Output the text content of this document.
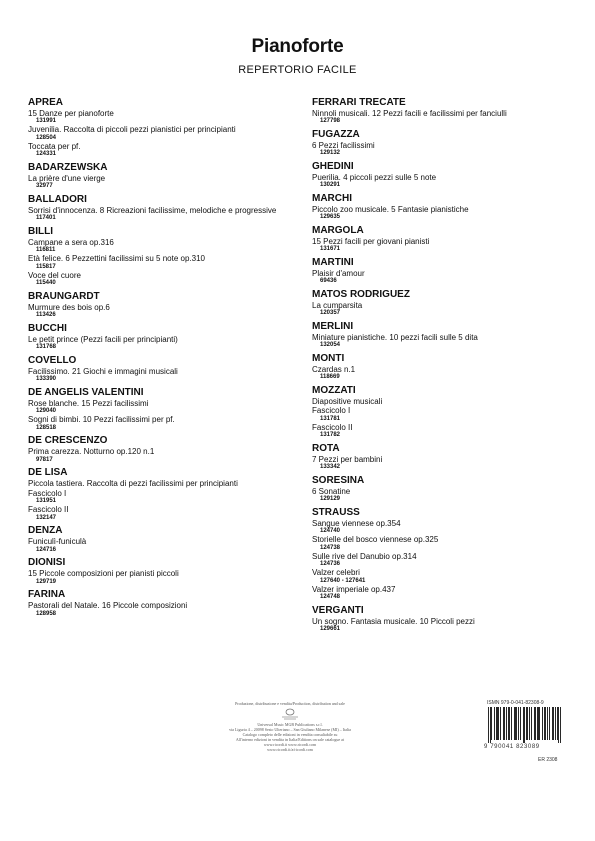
Pianoforte
REPERTORIO FACILE
APREA
15 Danze per pianoforte
131991
Juvenilia. Raccolta di piccoli pezzi pianistici per principianti
128504
Toccata per pf.
124331
BADARZEWSKA
La prière d'une vierge
32977
BALLADORI
Sorrisi d'innocenza. 8 Ricreazioni facilissime, melodiche e progressive
117401
BILLI
Campane a sera op.316
116811
Età felice. 6 Pezzettini facilissimi su 5 note op.310
115817
Voce del cuore
115440
BRAUNGARDT
Murmure des bois op.6
113426
BUCCHI
Le petit prince (Pezzi facili per principianti)
131768
COVELLO
Facilissimo. 21 Giochi e immagini musicali
133390
DE ANGELIS VALENTINI
Rose blanche. 15 Pezzi facilissimi
129040
Sogni di bimbi. 10 Pezzi facilissimi per pf.
128518
DE CRESCENZO
Prima carezza. Notturno op.120 n.1
97817
DE LISA
Piccola tastiera. Raccolta di pezzi facilissimi per principianti
Fascicolo I
131951
Fascicolo II
132147
DENZA
Funiculì-funiculà
124716
DIONISI
15 Piccole composizioni per pianisti piccoli
129719
FARINA
Pastorali del Natale. 16 Piccole composizioni
128958
FERRARI TRECATE
Ninnoli musicali. 12 Pezzi facili e facilissimi per fanciulli
127798
FUGAZZA
6 Pezzi facilissimi
129132
GHEDINI
Puerilia. 4 piccoli pezzi sulle 5 note
130291
MARCHI
Piccolo zoo musicale. 5 Fantasie pianistiche
129635
MARGOLA
15 Pezzi facili per giovani pianisti
131671
MARTINI
Plaisir d'amour
69436
MATOS RODRIGUEZ
La cumparsita
120357
MERLINI
Miniature pianistiche. 10 pezzi facili sulle 5 dita
132054
MONTI
Czardas n.1
118669
MOZZATI
Diapositive musicali
Fascicolo I
131781
Fascicolo II
131782
ROTA
7 Pezzi per bambini
133342
SORESINA
6 Sonatine
129129
STRAUSS
Sangue viennese op.354
124740
Storielle del bosco viennese op.325
124738
Sulle rive del Danubio op.314
124736
Valzer celebri
127640 - 127641
Valzer imperiale op.437
124748
VERGANTI
Un sogno. Fantasia musicale. 10 Piccoli pezzi
129661
Produzione, distribuzione e vendita/Production, distribution and sale
Universal Music MGB Publications s.r.l.
via Liguria 4 – 20098 Sesto Ulteriano – San Giuliano Milanese (MI) – Italia
Catalogo completo delle edizioni in vendita consultabile su
All'interno edizioni in vendita in Italia/Editions on sale catalogue at
www.ricordi.it www.ricordi.com
www.ricordi.it/a/ricordi.com
ISMN 979-0-041-82308-9
9 790041 823089
ER 2308
